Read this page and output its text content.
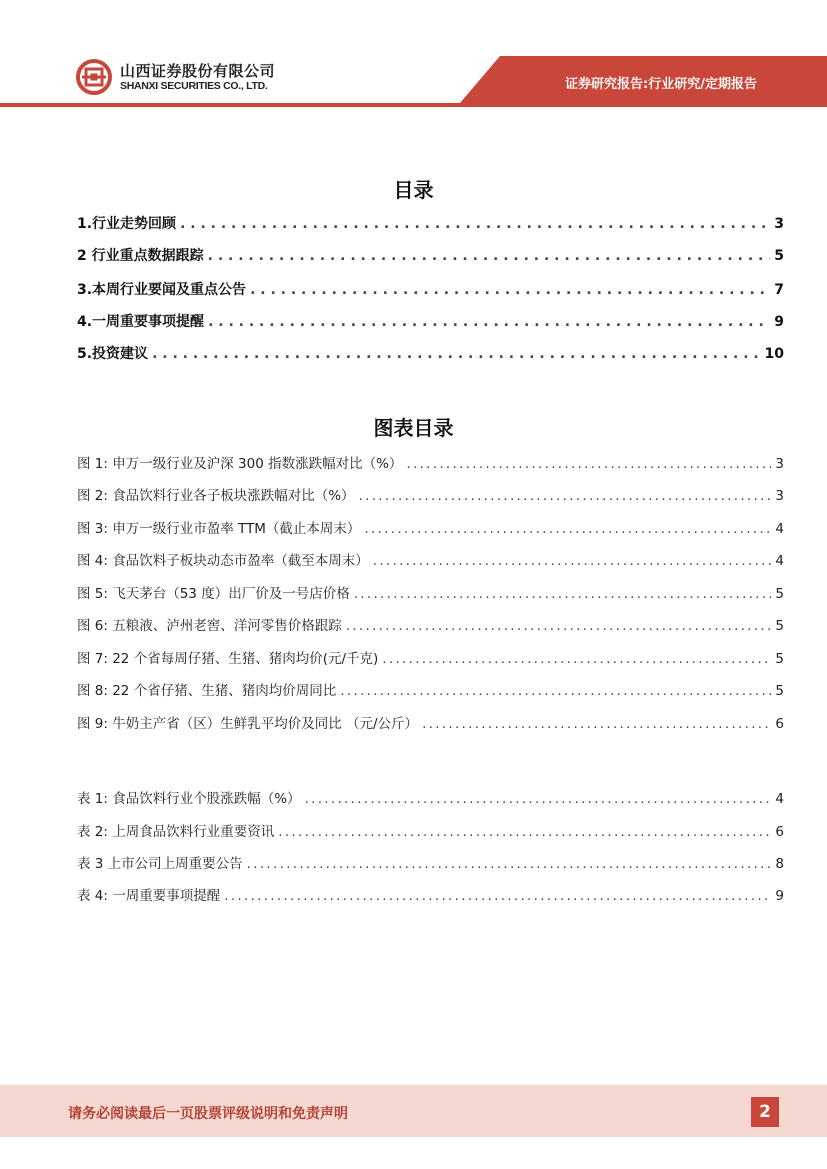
山西证券股份有限公司
SHANXI SECURITIES CO., LTD.	证券研究报告:行业研究/定期报告
目录
1.行业走势回顾 . . .	3
2 行业重点数据跟踪 . . .	5
3.本周行业要闻及重点公告 . . .	7
4.一周重要事项提醒 . . .	9
5.投资建议 . . .	10
图表目录
图 1: 申万一级行业及沪深 300 指数涨跌幅对比（%） . . .	3
图 2: 食品饮料行业各子板块涨跌幅对比（%） . . .	3
图 3: 申万一级行业市盈率 TTM（截止本周末） . . .	4
图 4: 食品饮料子板块动态市盈率（截至本周末） . . .	4
图 5: 飞天茅台（53 度）出厂价及一号店价格 . . .	5
图 6: 五粮液、泸州老窖、洋河零售价格跟踪 . . .	5
图 7: 22 个省每周仔猪、生猪、猪肉均价(元/千克) . . .	5
图 8: 22 个省仔猪、生猪、猪肉均价周同比 . . .	5
图 9: 牛奶主产省（区）生鲜乳平均价及同比 （元/公斤） . . .	6
表 1: 食品饮料行业个股涨跌幅（%） . . .	4
表 2: 上周食品饮料行业重要资讯 . . .	6
表 3 上市公司上周重要公告 . . .	8
表 4: 一周重要事项提醒 . . .	9
请务必阅读最后一页股票评级说明和免责声明	2
